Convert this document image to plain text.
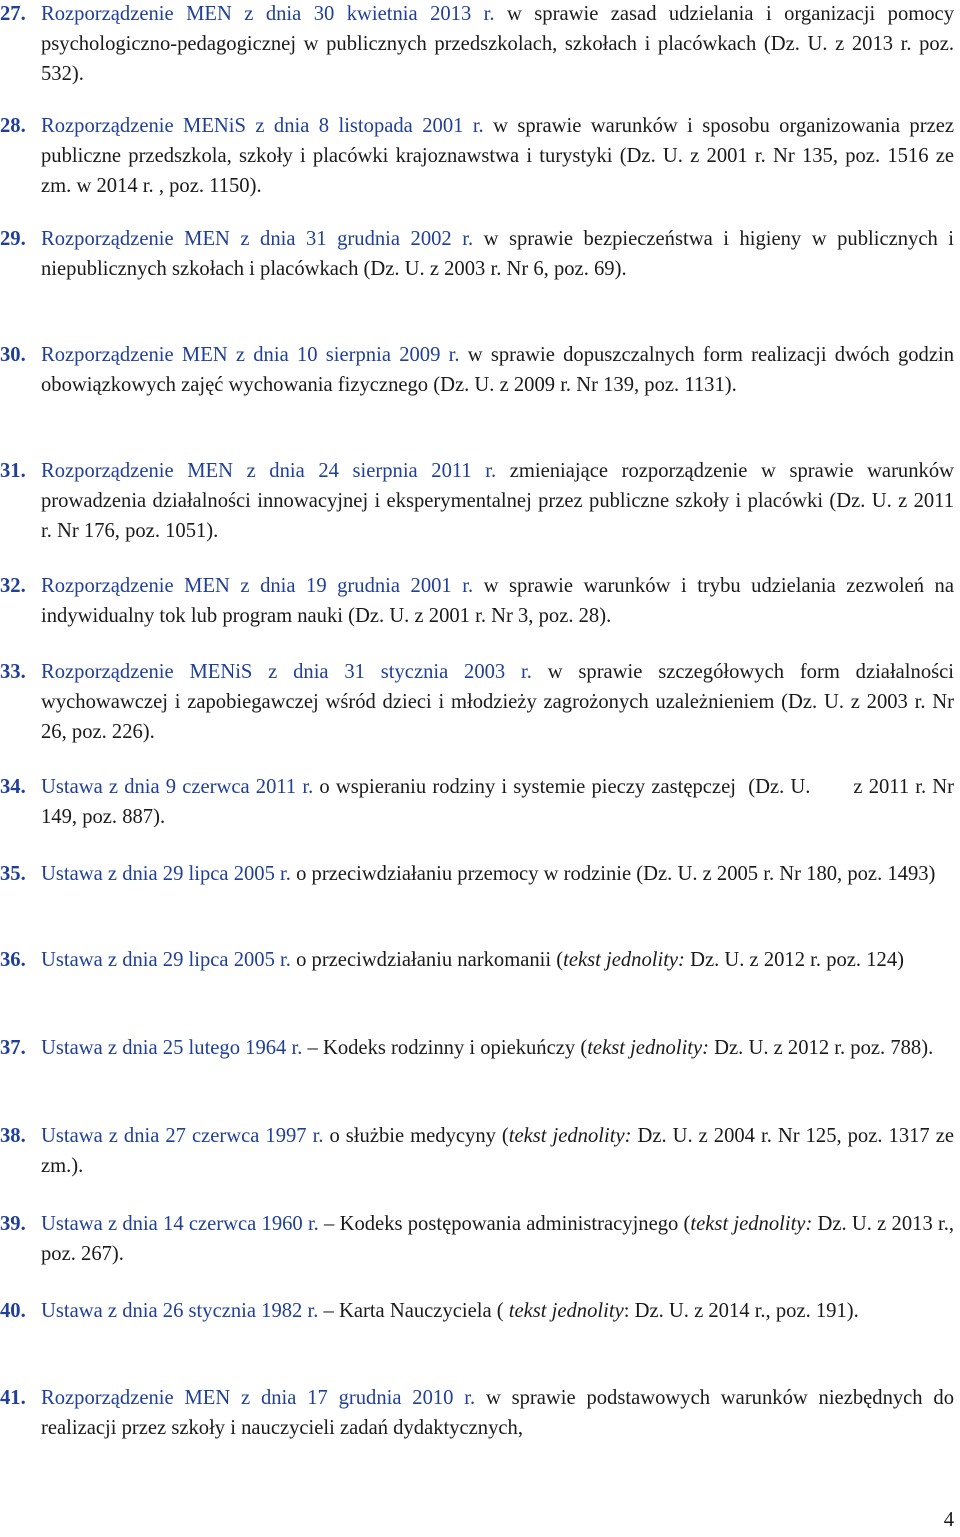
27. Rozporządzenie MEN z dnia 30 kwietnia 2013 r. w sprawie zasad udzielania i organizacji pomocy psychologiczno-pedagogicznej w publicznych przedszkolach, szkołach i placówkach (Dz. U. z 2013 r. poz. 532).
28. Rozporządzenie MENiS z dnia 8 listopada 2001 r. w sprawie warunków i sposobu organizowania przez publiczne przedszkola, szkoły i placówki krajoznawstwa i turystyki (Dz. U. z 2001 r. Nr 135, poz. 1516 ze zm. w 2014 r. , poz. 1150).
29. Rozporządzenie MEN z dnia 31 grudnia 2002 r. w sprawie bezpieczeństwa i higieny w publicznych i niepublicznych szkołach i placówkach (Dz. U. z 2003 r. Nr 6, poz. 69).
30. Rozporządzenie MEN z dnia 10 sierpnia 2009 r. w sprawie dopuszczalnych form realizacji dwóch godzin obowiązkowych zajęć wychowania fizycznego (Dz. U. z 2009 r. Nr 139, poz. 1131).
31. Rozporządzenie MEN z dnia 24 sierpnia 2011 r. zmieniające rozporządzenie w sprawie warunków prowadzenia działalności innowacyjnej i eksperymentalnej przez publiczne szkoły i placówki (Dz. U. z 2011 r. Nr 176, poz. 1051).
32. Rozporządzenie MEN z dnia 19 grudnia 2001 r. w sprawie warunków i trybu udzielania zezwoleń na indywidualny tok lub program nauki (Dz. U. z 2001 r. Nr 3, poz. 28).
33. Rozporządzenie MENiS z dnia 31 stycznia 2003 r. w sprawie szczegółowych form działalności wychowawczej i zapobiegawczej wśród dzieci i młodzieży zagrożonych uzależnieniem (Dz. U. z 2003 r. Nr 26, poz. 226).
34. Ustawa z dnia 9 czerwca 2011 r. o wspieraniu rodziny i systemie pieczy zastępczej  (Dz. U.       z 2011 r. Nr 149, poz. 887).
35. Ustawa z dnia 29 lipca 2005 r. o przeciwdziałaniu przemocy w rodzinie (Dz. U. z 2005 r. Nr 180, poz. 1493)
36. Ustawa z dnia 29 lipca 2005 r. o przeciwdziałaniu narkomanii (tekst jednolity: Dz. U. z 2012 r. poz. 124)
37. Ustawa z dnia 25 lutego 1964 r. – Kodeks rodzinny i opiekuńczy (tekst jednolity: Dz. U. z 2012 r. poz. 788).
38. Ustawa z dnia 27 czerwca 1997 r. o służbie medycyny (tekst jednolity: Dz. U. z 2004 r. Nr 125, poz. 1317 ze zm.).
39. Ustawa z dnia 14 czerwca 1960 r. – Kodeks postępowania administracyjnego (tekst jednolity: Dz. U. z 2013 r., poz. 267).
40. Ustawa z dnia 26 stycznia 1982 r. – Karta Nauczyciela ( tekst jednolity: Dz. U. z 2014 r., poz. 191).
41. Rozporządzenie MEN z dnia 17 grudnia 2010 r. w sprawie podstawowych warunków niezbędnych do realizacji przez szkoły i nauczycieli zadań dydaktycznych,
4
